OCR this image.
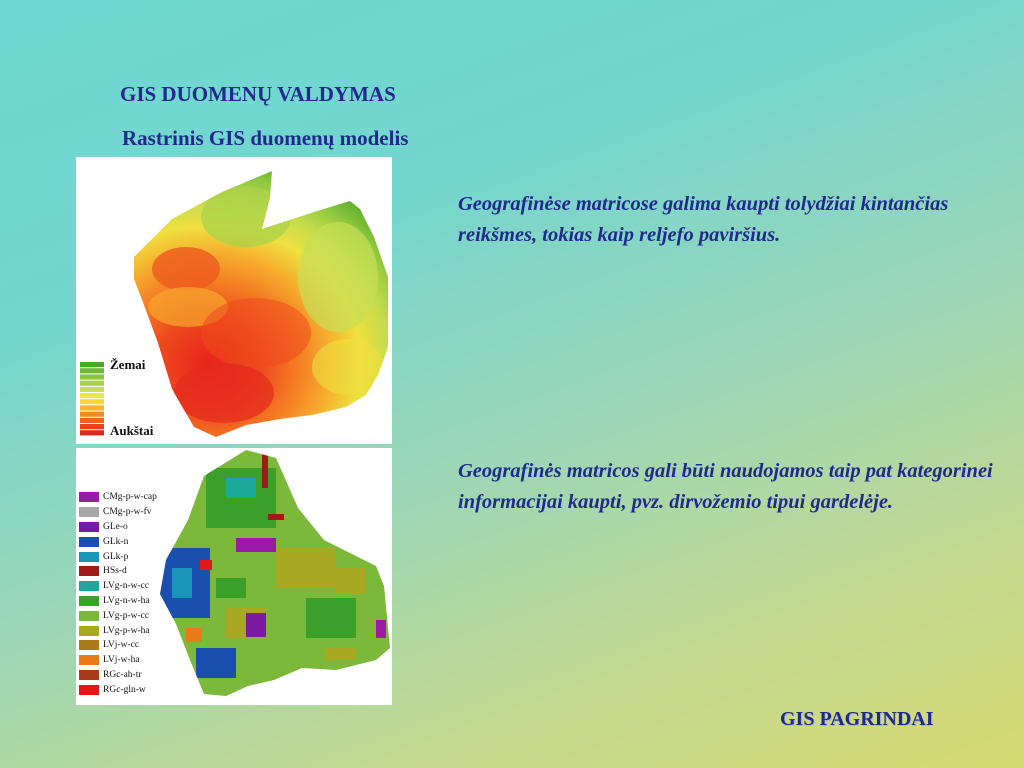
GIS DUOMENŲ VALDYMAS
Rastrinis GIS duomenų modelis
Žemai
Aukštai
CMg-p-w-cap
CMg-p-w-fv
GLe-o
GLk-n
GLk-p
HSs-d
LVg-n-w-cc
LVg-n-w-ha
LVg-p-w-cc
LVg-p-w-ha
LVj-w-cc
LVj-w-ha
RGc-ah-tr
RGc-gln-w
Geografinėse matricose galima kaupti tolydžiai kintančias reikšmes, tokias kaip reljefo paviršius.
Geografinės matricos gali būti naudojamos taip pat kategorinei informacijai kaupti, pvz. dirvožemio tipui gardelėje.
GIS PAGRINDAI
